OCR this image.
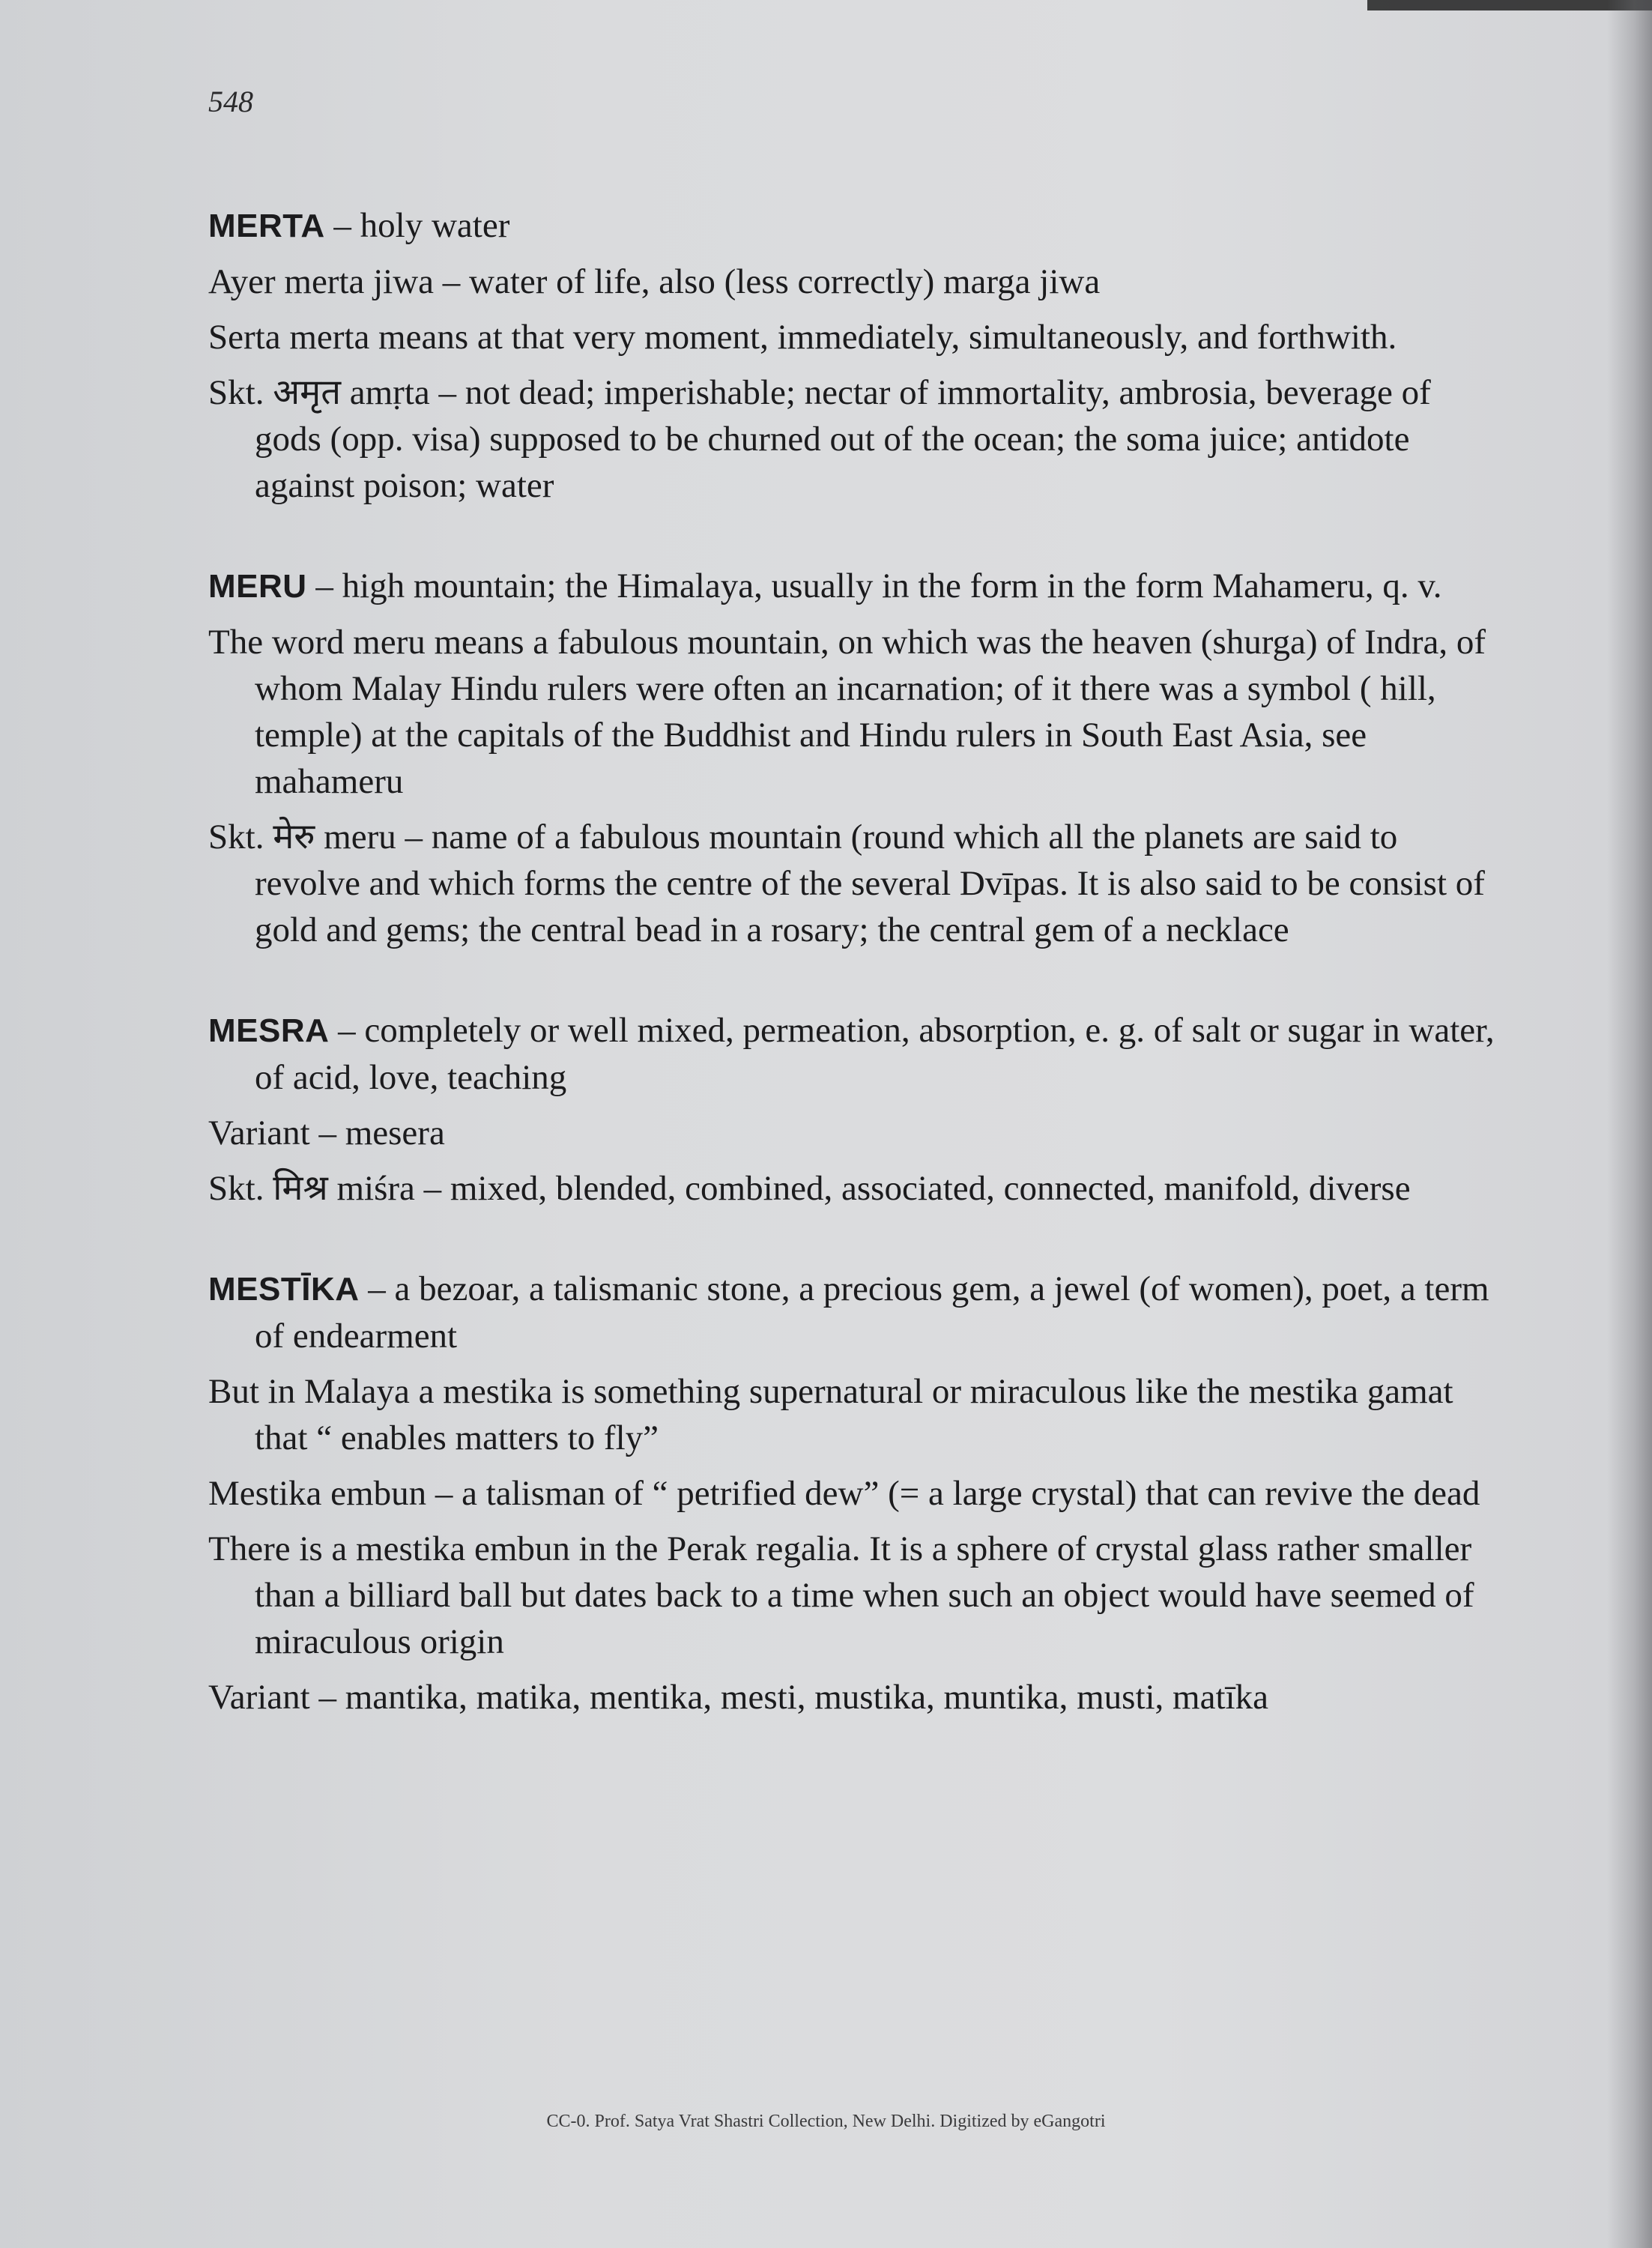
548

MERTA – holy water

Ayer merta jiwa – water of life, also (less correctly) marga jiwa

Serta merta means at that very moment, immediately, simultaneously, and forthwith.

Skt. अमृत amṛta – not dead; imperishable; nectar of immortality, ambrosia, beverage of gods (opp. visa) supposed to be churned out of the ocean; the soma juice; antidote against poison; water

MERU – high mountain; the Himalaya, usually in the form in the form Mahameru, q. v.

The word meru means a fabulous mountain, on which was the heaven (shurga) of Indra, of whom Malay Hindu rulers were often an incarnation; of it there was a symbol ( hill, temple) at the capitals of the Buddhist and Hindu rulers in South East Asia, see mahameru

Skt. मेरु meru – name of a fabulous mountain (round which all the planets are said to revolve and which forms the centre of the several Dvīpas. It is also said to be consist of gold and gems; the central bead in a rosary; the central gem of a necklace

MESRA – completely or well mixed, permeation, absorption, e. g. of salt or sugar in water, of acid, love, teaching

Variant – mesera

Skt. मिश्र miśra – mixed, blended, combined, associated, connected, manifold, diverse

MESTĪKA – a bezoar, a talismanic stone, a precious gem, a jewel (of women), poet, a term of endearment

But in Malaya a mestika is something supernatural or miraculous like the mestika gamat that “ enables matters to fly”

Mestika embun – a talisman of “ petrified dew” (= a large crystal) that can revive the dead

There is a mestika embun in the Perak regalia. It is a sphere of crystal glass rather smaller than a billiard ball but dates back to a time when such an object would have seemed of miraculous origin

Variant – mantika, matika, mentika, mesti, mustika, muntika, musti, matīka

CC-0. Prof. Satya Vrat Shastri Collection, New Delhi. Digitized by eGangotri
